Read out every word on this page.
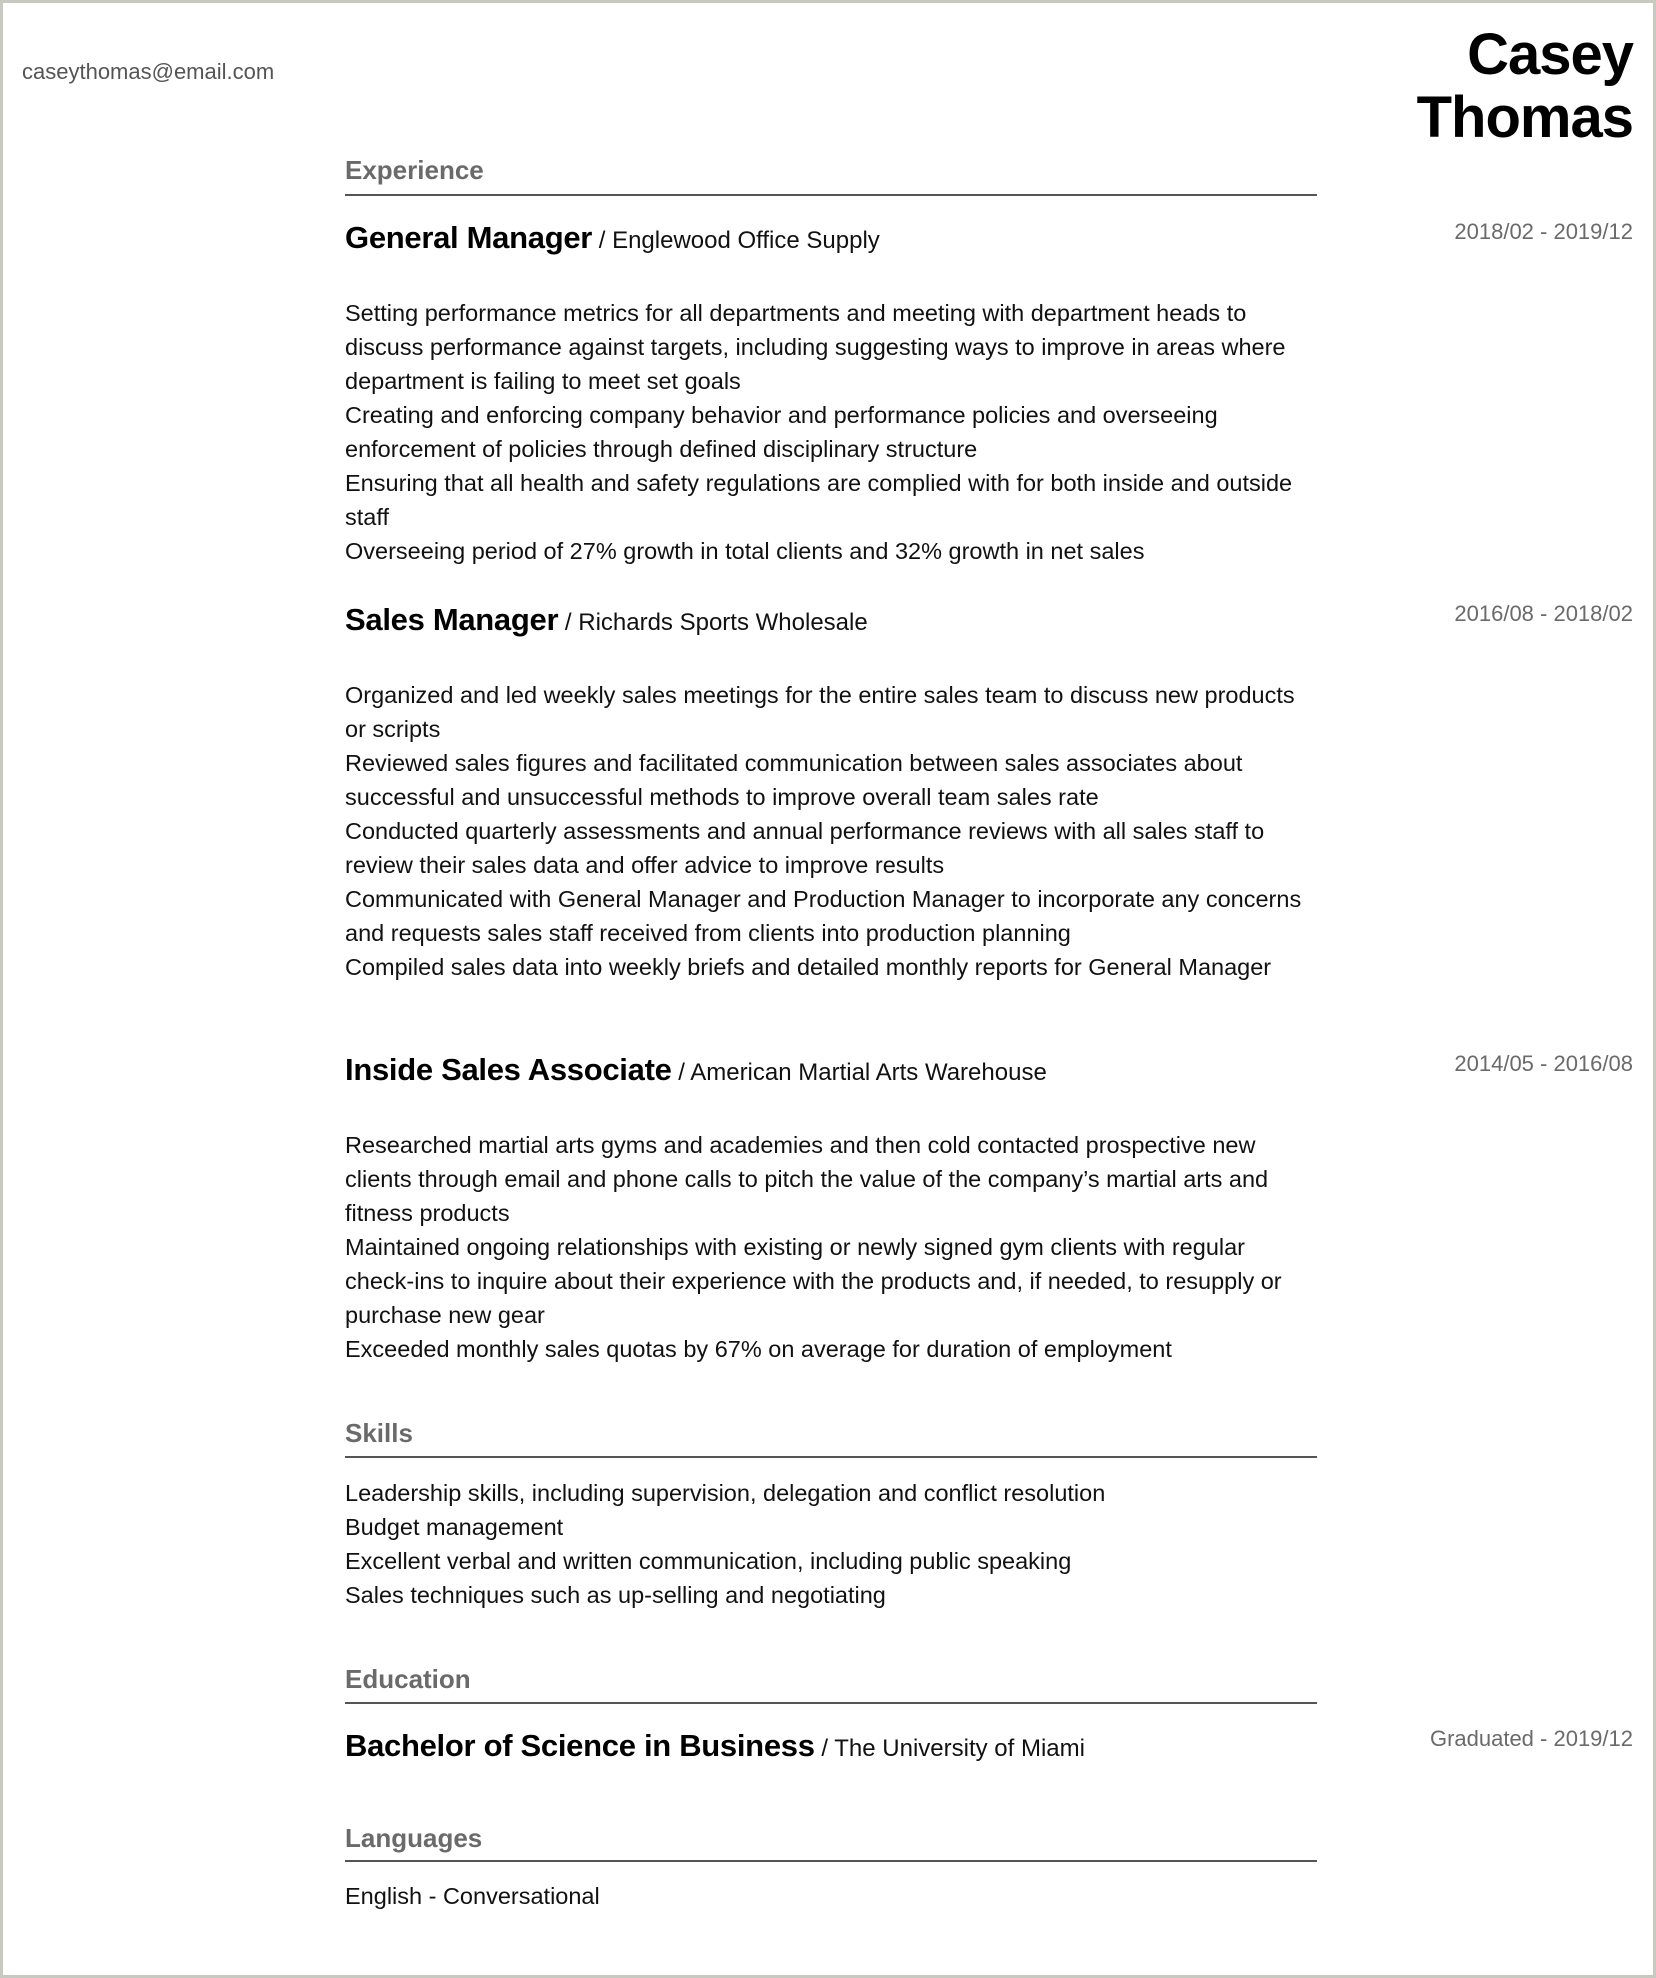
caseythomas@email.com	Casey
Thomas
Experience
General Manager / Englewood Office Supply
Setting performance metrics for all departments and meeting with department heads to discuss performance against targets, including suggesting ways to improve in areas where department is failing to meet set goals
Creating and enforcing company behavior and performance policies and overseeing enforcement of policies through defined disciplinary structure
Ensuring that all health and safety regulations are complied with for both inside and outside staff
Overseeing period of 27% growth in total clients and 32% growth in net sales
2018/02 - 2019/12
Sales Manager / Richards Sports Wholesale
Organized and led weekly sales meetings for the entire sales team to discuss new products or scripts
Reviewed sales figures and facilitated communication between sales associates about successful and unsuccessful methods to improve overall team sales rate
Conducted quarterly assessments and annual performance reviews with all sales staff to review their sales data and offer advice to improve results
Communicated with General Manager and Production Manager to incorporate any concerns and requests sales staff received from clients into production planning
Compiled sales data into weekly briefs and detailed monthly reports for General Manager
2016/08 - 2018/02
Inside Sales Associate / American Martial Arts Warehouse
Researched martial arts gyms and academies and then cold contacted prospective new clients through email and phone calls to pitch the value of the company’s martial arts and fitness products
Maintained ongoing relationships with existing or newly signed gym clients with regular check-ins to inquire about their experience with the products and, if needed, to resupply or purchase new gear
Exceeded monthly sales quotas by 67% on average for duration of employment
2014/05 - 2016/08
Skills
Leadership skills, including supervision, delegation and conflict resolution
Budget management
Excellent verbal and written communication, including public speaking
Sales techniques such as up-selling and negotiating
Education
Bachelor of Science in Business / The University of Miami	Graduated - 2019/12
Languages
English - Conversational
